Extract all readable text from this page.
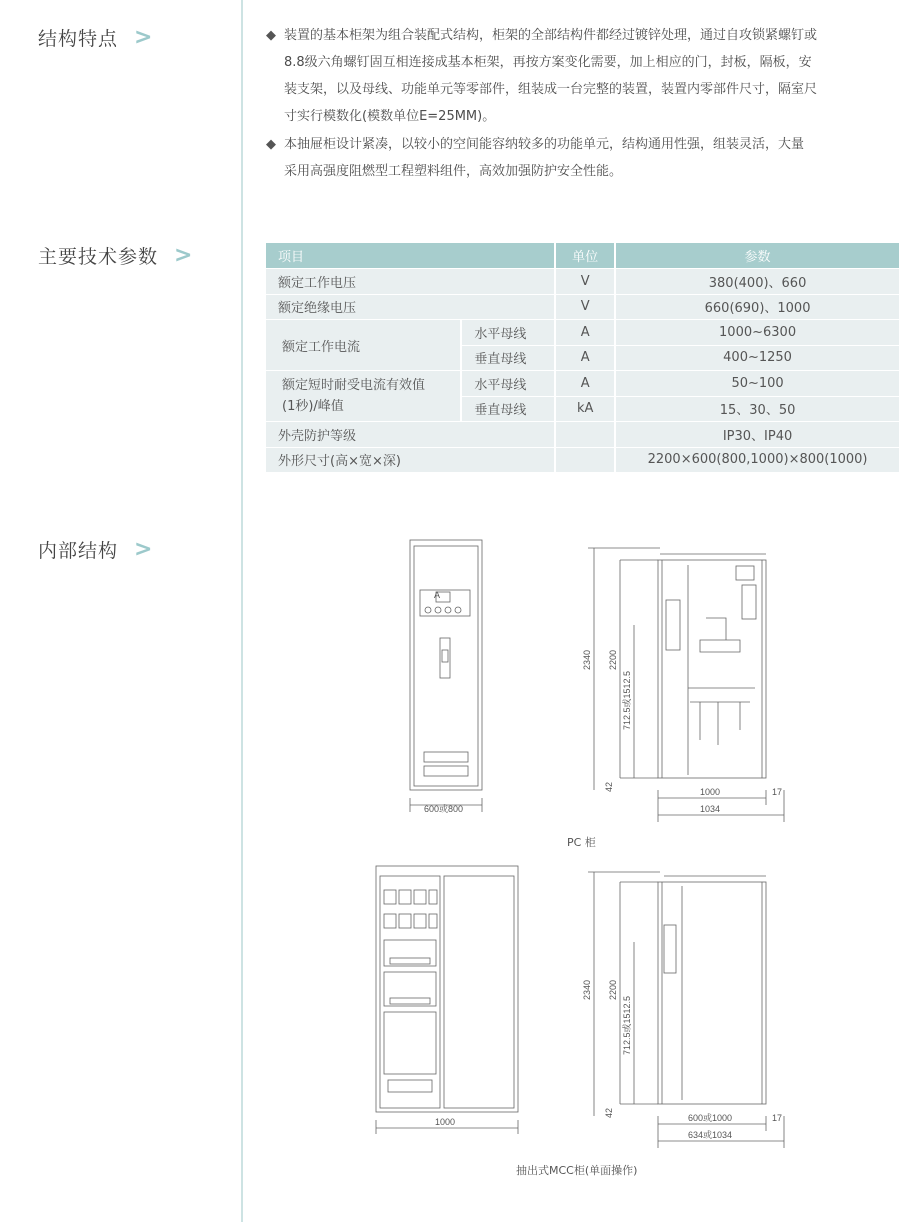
结构特点 >	◆ 装置的基本柜架为组合装配式结构，柜架的全部结构件都经过镀锌处理，通过自攻锁紧螺钉或
8.8级六角螺钉固互相连接成基本柜架，再按方案变化需要，加上相应的门，封板，隔板，安
装支架，以及母线、功能单元等零部件，组装成一台完整的装置，装置内零部件尺寸，隔室尺
寸实行模数化(模数单位E=25MM)。
◆ 本抽屉柜设计紧凑，以较小的空间能容纳较多的功能单元，结构通用性强，组装灵活，大量
采用高强度阻燃型工程塑料组件，高效加强防护安全性能。
主要技术参数 >	项目		单位	参数
额定工作电压		V	380(400)、660
额定绝缘电压		V	660(690)、1000
额定工作电流	水平母线	A	1000~6300
	垂直母线	A	400~1250

额定短时耐受电流有效值
(1秒)/峰值	水平母线	A	50~100
	垂直母线	kA	15、30、50
外壳防护等级			IP30、IP40
外形尺寸(高×宽×深)			2200×600(800,1000)×800(1000)
内部结构 >
A
600或800
2340 2200
712.5或1512.5
42	1000	17
1034
1000
2340 2200
712.5或1512.5
42	600或1000	17
634或1034
PC 柜
抽出式MCC柜(单面操作)
